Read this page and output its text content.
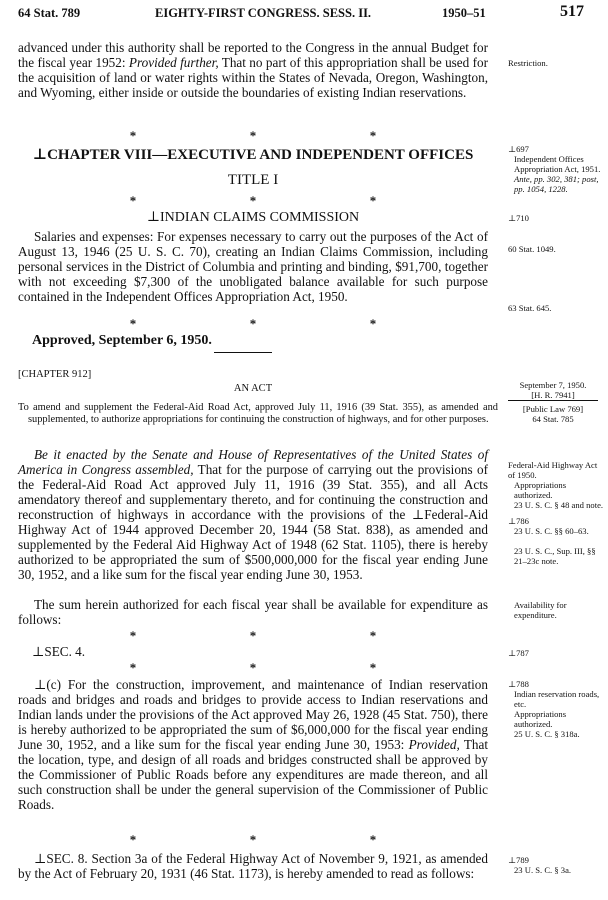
64 Stat. 789	EIGHTY-FIRST CONGRESS. SESS. II.	1950–51	517
advanced under this authority shall be reported to the Congress in the annual Budget for the fiscal year 1952: Provided further, That no part of this appropriation shall be used for the acquisition of land or water rights within the States of Nevada, Oregon, Washington, and Wyoming, either inside or outside the boundaries of existing Indian reservations.
*	*	*
⊥CHAPTER VIII—EXECUTIVE AND INDEPENDENT OFFICES
TITLE I
*	*	*
⊥INDIAN CLAIMS COMMISSION
Salaries and expenses: For expenses necessary to carry out the purposes of the Act of August 13, 1946 (25 U. S. C. 70), creating an Indian Claims Commission, including personal services in the District of Columbia and printing and binding, $91,700, together with not exceeding $7,300 of the unobligated balance available for such purpose contained in the Independent Offices Appropriation Act, 1950.
*	*	*
Approved, September 6, 1950.
[CHAPTER 912]
AN ACT
To amend and supplement the Federal-Aid Road Act, approved July 11, 1916 (39 Stat. 355), as amended and supplemented, to authorize appropriations for continuing the construction of highways, and for other purposes.
Be it enacted by the Senate and House of Representatives of the United States of America in Congress assembled, That for the purpose of carrying out the provisions of the Federal-Aid Road Act approved July 11, 1916 (39 Stat. 355), and all Acts amendatory thereof and supplementary thereto, and for continuing the construction and reconstruction of highways in accordance with the provisions of the ⊥Federal-Aid Highway Act of 1944 approved December 20, 1944 (58 Stat. 838), as amended and supplemented by the Federal Aid Highway Act of 1948 (62 Stat. 1105), there is hereby authorized to be appropriated the sum of $500,000,000 for the fiscal year ending June 30, 1952, and a like sum for the fiscal year ending June 30, 1953.
The sum herein authorized for each fiscal year shall be available for expenditure as follows:
*	*	*
⊥SEC. 4.
*	*	*
⊥(c) For the construction, improvement, and maintenance of Indian reservation roads and bridges and roads and bridges to provide access to Indian reservations and Indian lands under the provisions of the Act approved May 26, 1928 (45 Stat. 750), there is hereby authorized to be appropriated the sum of $6,000,000 for the fiscal year ending June 30, 1952, and a like sum for the fiscal year ending June 30, 1953: Provided, That the location, type, and design of all roads and bridges constructed shall be approved by the Commissioner of Public Roads before any expenditures are made thereon, and all such construction shall be under the general supervision of the Commissioner of Public Roads.
*	*	*
⊥SEC. 8. Section 3a of the Federal Highway Act of November 9, 1921, as amended by the Act of February 20, 1931 (46 Stat. 1173), is hereby amended to read as follows:
Restriction.
⊥697

Independent Offices Appropriation Act, 1951.
Ante, pp. 302, 381; post, pp. 1054, 1228.
⊥710
60 Stat. 1049.
63 Stat. 645.
September 7, 1950.
[H. R. 7941]
[Public Law 769]
64 Stat. 785
Federal-Aid Highway Act of 1950.
Appropriations authorized.
23 U. S. C. § 48 and note.
⊥786

23 U. S. C. §§ 60–63.
23 U. S. C., Sup. III, §§ 21–23c note.
Availability for expenditure.
⊥787
⊥788

Indian reservation roads, etc.
Appropriations authorized.
25 U. S. C. § 318a.
⊥789

23 U. S. C. § 3a.
